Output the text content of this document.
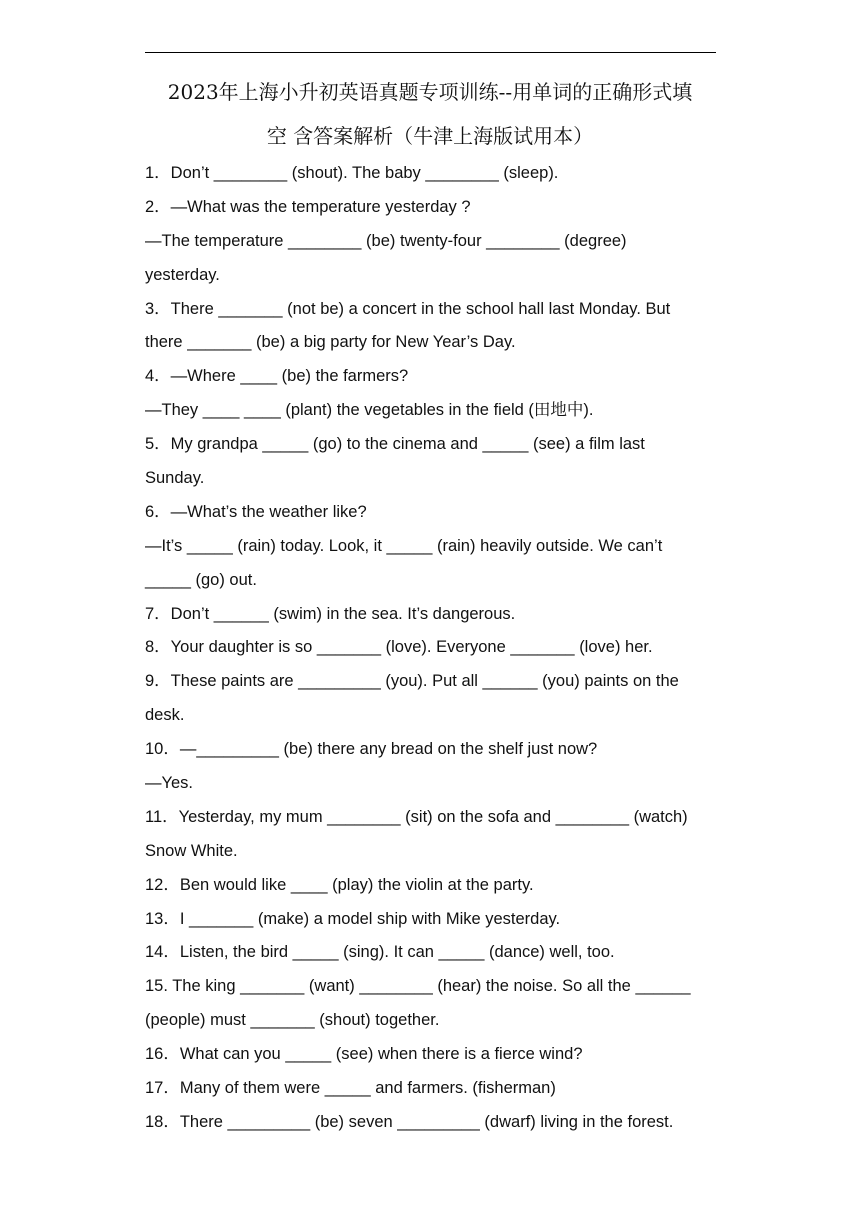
2023年上海小升初英语真题专项训练--用单词的正确形式填
空 含答案解析（牛津上海版试用本）
1．Don’t ________ (shout). The baby ________ (sleep).
2．—What was the temperature yesterday ?
—The temperature ________ (be) twenty-four ________ (degree)
yesterday.
3．There _______ (not be) a concert in the school hall last Monday. But
there _______ (be) a big party for New Year’s Day.
4．—Where ____ (be) the farmers?
—They ____ ____ (plant) the vegetables in the field (田地中).
5．My grandpa _____ (go) to the cinema and _____ (see) a film last
Sunday.
6．—What’s the weather like?
—It’s _____ (rain) today. Look, it _____ (rain) heavily outside. We can’t
_____ (go) out.
7．Don’t ______ (swim) in the sea. It’s dangerous.
8．Your daughter is so _______ (love). Everyone _______ (love) her.
9．These paints are _________ (you). Put all ______ (you) paints on the
desk.
10．—_________ (be) there any bread on the shelf just now?
—Yes.
11．Yesterday, my mum ________ (sit) on the sofa and ________ (watch)
Snow White.
12．Ben would like ____ (play) the violin at the party.
13．I _______ (make) a model ship with Mike yesterday.
14．Listen, the bird _____ (sing). It can _____ (dance) well, too.
15. The king _______ (want) ________ (hear) the noise. So all the ______
(people) must _______ (shout) together.
16．What can you _____ (see) when there is a fierce wind?
17．Many of them were _____ and farmers. (fisherman)
18．There _________ (be) seven _________ (dwarf) living in the forest.
